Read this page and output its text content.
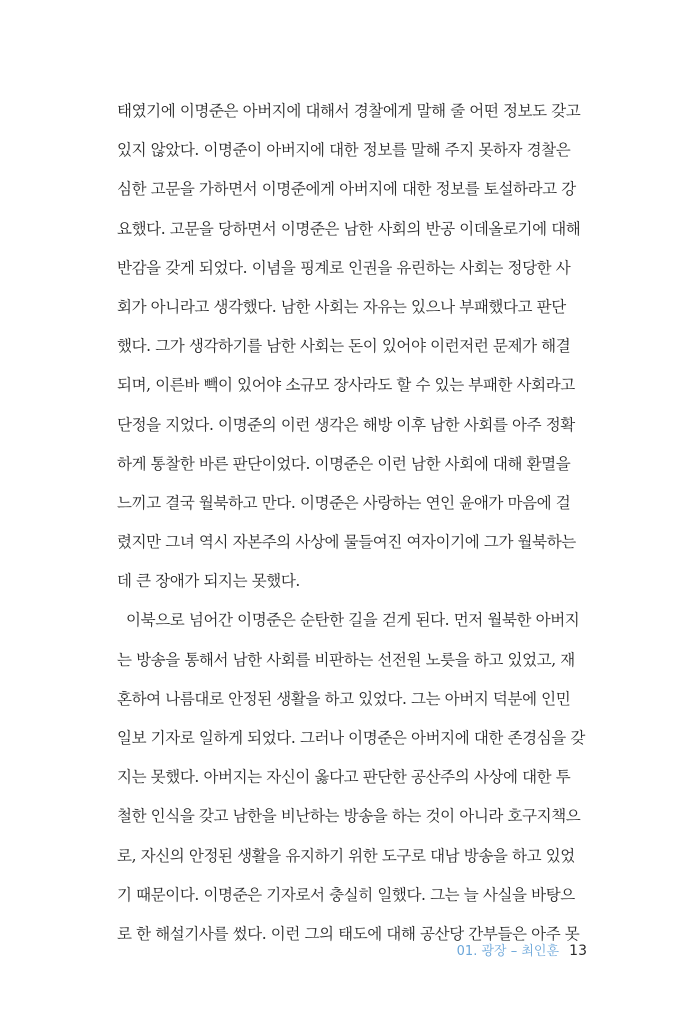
태였기에 이명준은 아버지에 대해서 경찰에게 말해 줄 어떤 정보도 갖고
있지 않았다. 이명준이 아버지에 대한 정보를 말해 주지 못하자 경찰은
심한 고문을 가하면서 이명준에게 아버지에 대한 정보를 토설하라고 강
요했다. 고문을 당하면서 이명준은 남한 사회의 반공 이데올로기에 대해
반감을 갖게 되었다. 이념을 핑계로 인권을 유린하는 사회는 정당한 사
회가 아니라고 생각했다. 남한 사회는 자유는 있으나 부패했다고 판단
했다. 그가 생각하기를 남한 사회는 돈이 있어야 이런저런 문제가 해결
되며, 이른바 빽이 있어야 소규모 장사라도 할 수 있는 부패한 사회라고
단정을 지었다. 이명준의 이런 생각은 해방 이후 남한 사회를 아주 정확
하게 통찰한 바른 판단이었다. 이명준은 이런 남한 사회에 대해 환멸을
느끼고 결국 월북하고 만다. 이명준은 사랑하는 연인 윤애가 마음에 걸
렸지만 그녀 역시 자본주의 사상에 물들여진 여자이기에 그가 월북하는
데 큰 장애가 되지는 못했다.
이북으로 넘어간 이명준은 순탄한 길을 걷게 된다. 먼저 월북한 아버지
는 방송을 통해서 남한 사회를 비판하는 선전원 노릇을 하고 있었고, 재
혼하여 나름대로 안정된 생활을 하고 있었다. 그는 아버지 덕분에 인민
일보 기자로 일하게 되었다. 그러나 이명준은 아버지에 대한 존경심을 갖
지는 못했다. 아버지는 자신이 옳다고 판단한 공산주의 사상에 대한 투
철한 인식을 갖고 남한을 비난하는 방송을 하는 것이 아니라 호구지책으
로, 자신의 안정된 생활을 유지하기 위한 도구로 대남 방송을 하고 있었
기 때문이다. 이명준은 기자로서 충실히 일했다. 그는 늘 사실을 바탕으
로 한 해설기사를 썼다. 이런 그의 태도에 대해 공산당 간부들은 아주 못
01. 광장 – 최인훈 13
